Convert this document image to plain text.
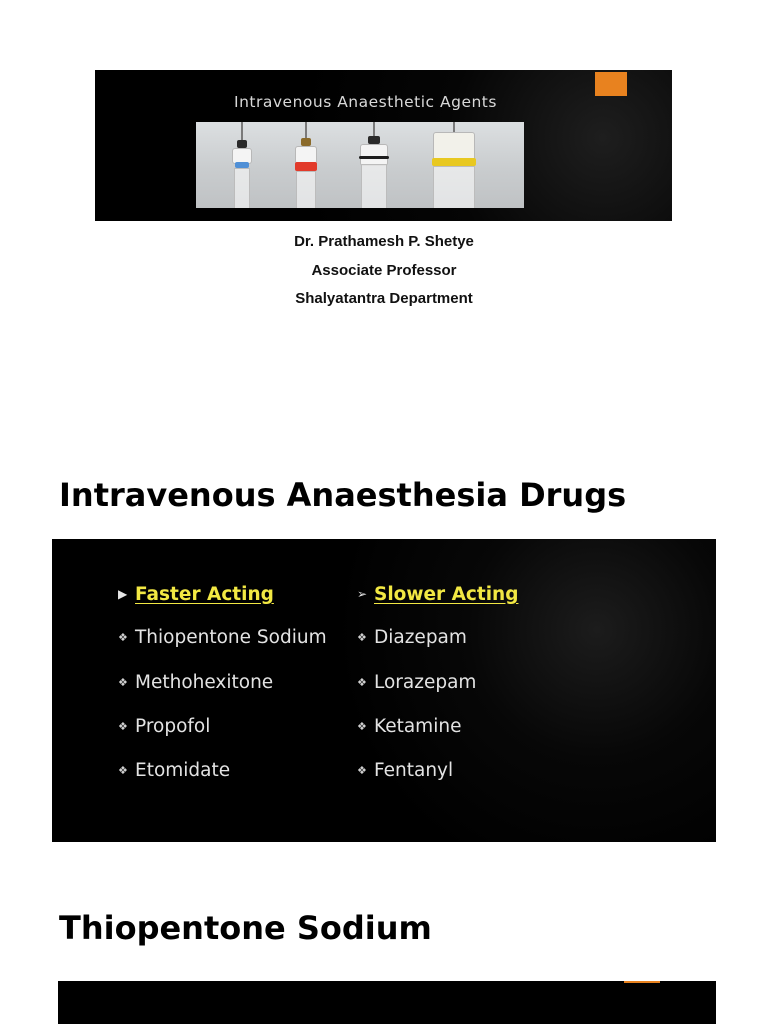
Intravenous Anaesthetic Agents
Dr. Prathamesh P. Shetye
Associate Professor
Shalyatantra Department
Intravenous Anaesthesia Drugs
▶ Faster Acting
❖ Thiopentone Sodium
❖ Methohexitone
❖ Propofol
❖ Etomidate
➢ Slower Acting
❖ Diazepam
❖ Lorazepam
❖ Ketamine
❖ Fentanyl
Thiopentone Sodium
